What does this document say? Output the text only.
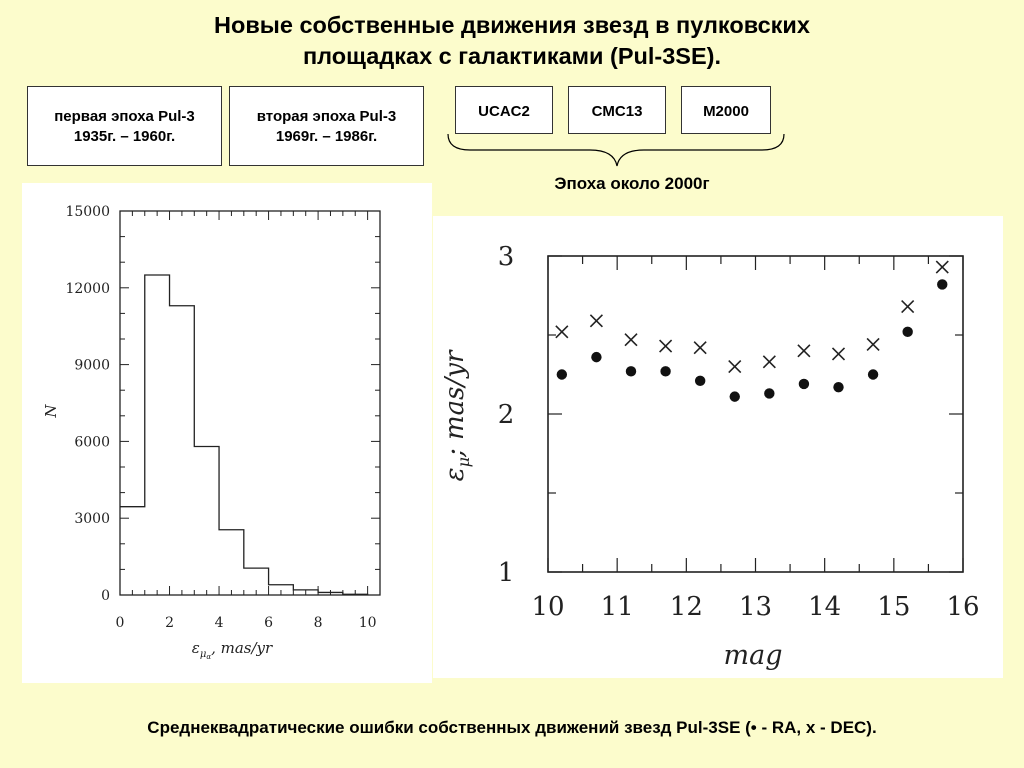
Новые собственные движения звезд в пулковских
площадках с галактиками (Pul-3SE).
первая эпоха Pul-3
1935г. – 1960г.
вторая эпоха Pul-3
1969г. – 1986г.
UCAC2	CMC13	M2000
Эпоха около 2000г
0	2	4	6	8	10
0
3000
6000
9000
12000
15000
N
$\varepsilon_\mu\alpha$, mas/yr
10 11 12 13 14 15 16
1
2
3
$\varepsilon_\mu$; mas/yr
mag
Среднеквадратические ошибки собственных движений звезд Pul-3SE (• - RA, x - DEC).
